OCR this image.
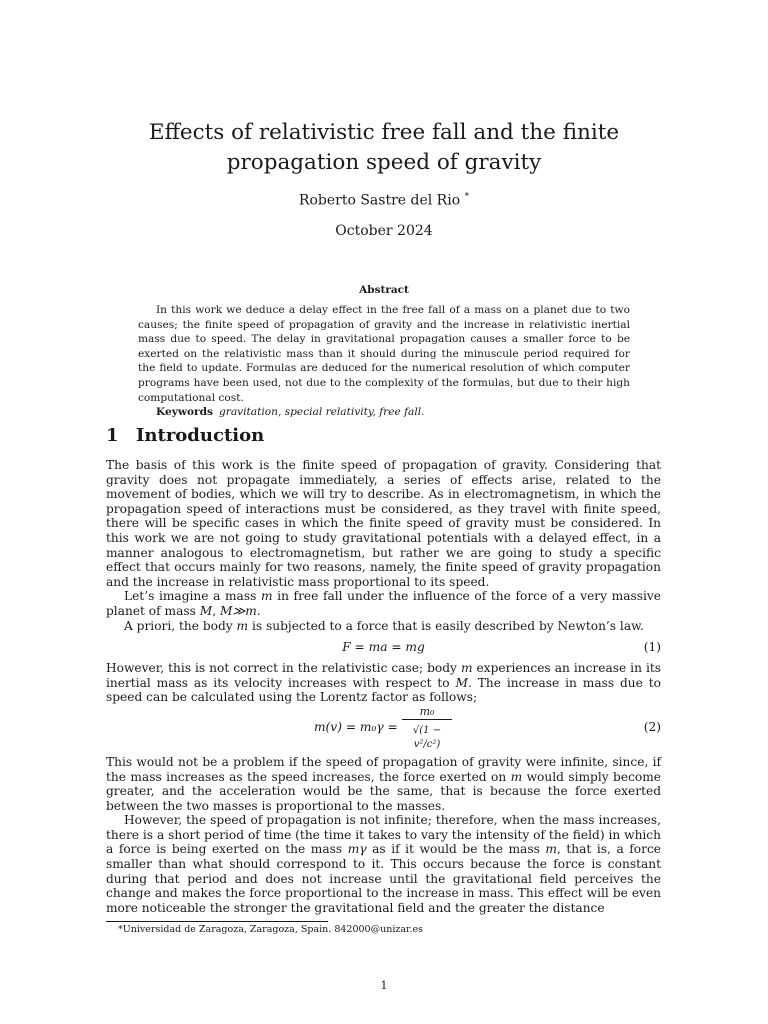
Effects of relativistic free fall and the finite propagation speed of gravity
Roberto Sastre del Rio *
October 2024
Abstract

In this work we deduce a delay effect in the free fall of a mass on a planet due to two causes; the finite speed of propagation of gravity and the increase in relativistic inertial mass due to speed. The delay in gravitational propagation causes a smaller force to be exerted on the relativistic mass than it should during the minuscule period required for the field to update. Formulas are deduced for the numerical resolution of which computer programs have been used, not due to the complexity of the formulas, but due to their high computational cost.

Keywords gravitation, special relativity, free fall.
1 Introduction

The basis of this work is the finite speed of propagation of gravity. Considering that gravity does not propagate immediately, a series of effects arise, related to the movement of bodies, which we will try to describe. As in electromagnetism, in which the propagation speed of interactions must be considered, as they travel with finite speed, there will be specific cases in which the finite speed of gravity must be considered. In this work we are not going to study gravitational potentials with a delayed effect, in a manner analogous to electromagnetism, but rather we are going to study a specific effect that occurs mainly for two reasons, namely, the finite speed of gravity propagation and the increase in relativistic mass proportional to its speed.

Let’s imagine a mass m in free fall under the influence of the force of a very massive planet of mass M, M≫m.

A priori, the body m is subjected to a force that is easily described by Newton’s law.

F = ma = mg	(1)

However, this is not correct in the relativistic case; body m experiences an increase in its inertial mass as its velocity increases with respect to M. The increase in mass due to speed can be calculated using the Lorentz factor as follows;

m(v) = m₀γ =
m₀
√(1 − v²/c²)
(2)

This would not be a problem if the speed of propagation of gravity were infinite, since, if the mass increases as the speed increases, the force exerted on m would simply become greater, and the acceleration would be the same, that is because the force exerted between the two masses is proportional to the masses.

However, the speed of propagation is not infinite; therefore, when the mass increases, there is a short period of time (the time it takes to vary the intensity of the field) in which a force is being exerted on the mass mγ as if it would be the mass m, that is, a force smaller than what should correspond to it. This occurs because the force is constant during that period and does not increase until the gravitational field perceives the change and makes the force proportional to the increase in mass. This effect will be even more noticeable the stronger the gravitational field and the greater the distance

*Universidad de Zaragoza, Zaragoza, Spain. 842000@unizar.es
1
